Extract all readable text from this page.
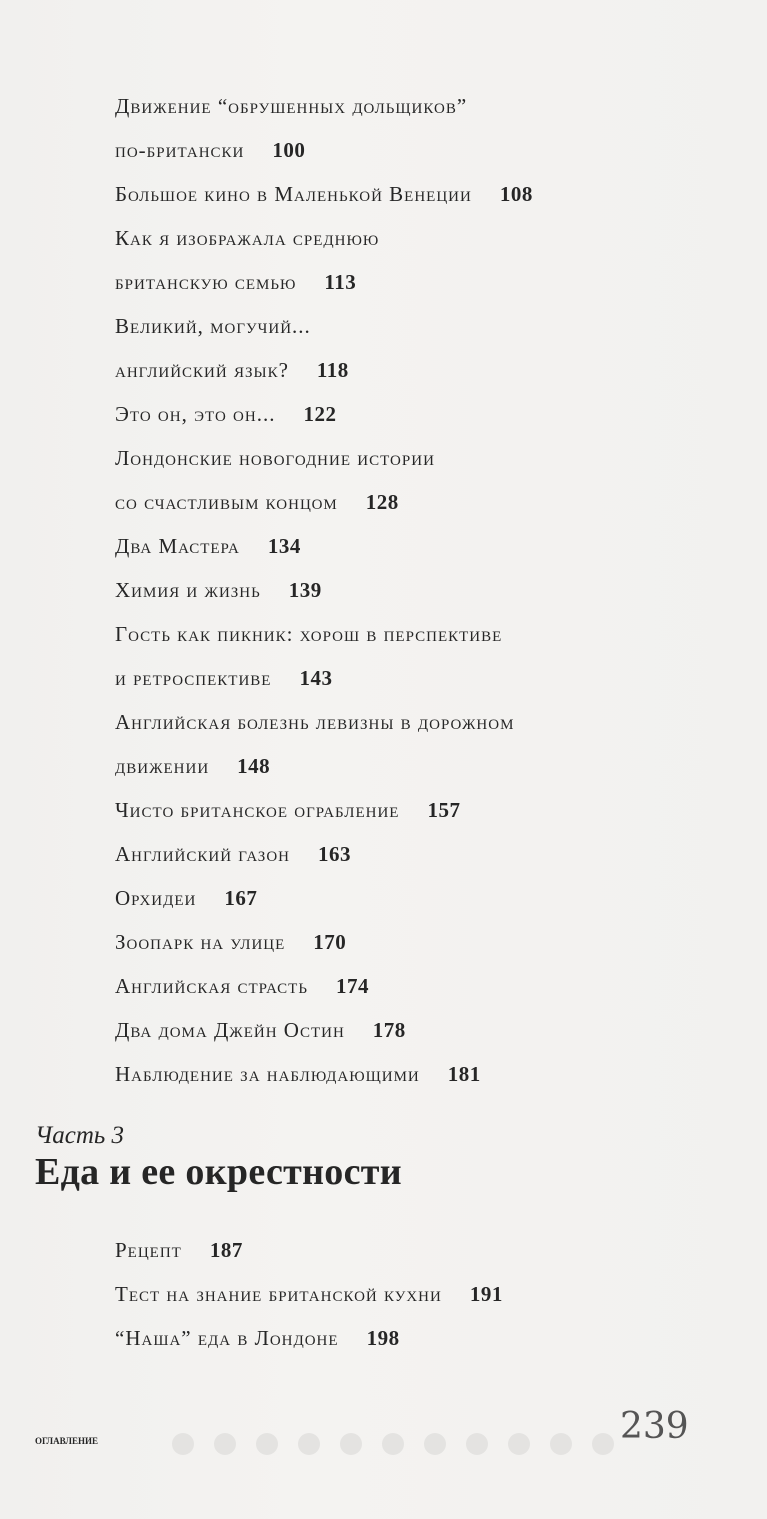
Движение “обрушенных дольщиков”
по-британски 100
Большое кино в Маленькой Венеции 108
Как я изображала среднюю
британскую семью 113
Великий, могучий...
английский язык? 118
Это он, это он... 122
Лондонские новогодние истории
со счастливым концом 128
Два Мастера 134
Химия и жизнь 139
Гость как пикник: хорош в перспективе
и ретроспективе 143
Английская болезнь левизны в дорожном
движении 148
Чисто британское ограбление 157
Английский газон 163
Орхидеи 167
Зоопарк на улице 170
Английская страсть 174
Два дома Джейн Остин 178
Наблюдение за наблюдающими 181
Часть 3
Еда и ее окрестности
Рецепт 187
Тест на знание британской кухни 191
“Наша” еда в Лондоне 198
оглавление	239
